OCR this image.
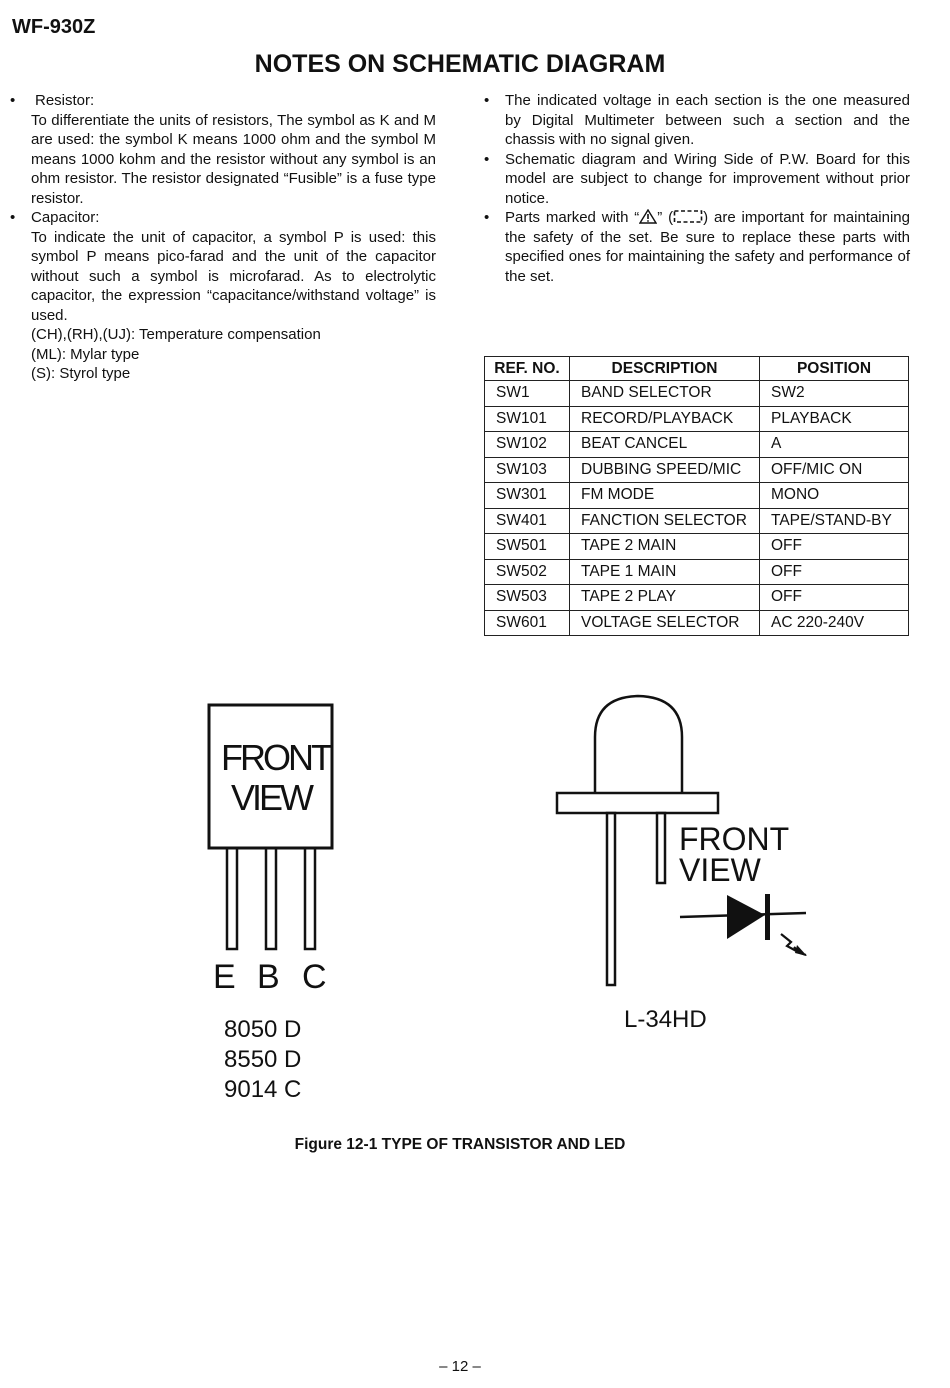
WF-930Z
NOTES ON SCHEMATIC DIAGRAM
• Resistor:
To differentiate the units of resistors, The symbol as K and M are used: the symbol K means 1000 ohm and the symbol M means 1000 kohm and the resistor without any symbol is an ohm resistor. The resistor designated “Fusible” is a fuse type resistor.
• Capacitor:
To indicate the unit of capacitor, a symbol P is used: this symbol P means pico-farad and the unit of the capacitor without such a symbol is microfarad. As to electrolytic capacitor, the expression “capacitance/withstand voltage” is used.
(CH),(RH),(UJ): Temperature compensation
(ML): Mylar type
(S): Styrol type
• The indicated voltage in each section is the one measured by Digital Multimeter between such a section and the chassis with no signal given.
• Schematic diagram and Wiring Side of P.W. Board for this model are subject to change for improvement without prior notice.
• Parts marked with “ ” ( ) are important for maintaining the safety of the set. Be sure to replace these parts with specified ones for maintaining the safety and performance of the set.
REF. NO.	DESCRIPTION	POSITION
SW1	BAND SELECTOR	SW2
SW101	RECORD/PLAYBACK	PLAYBACK
SW102	BEAT CANCEL	A
SW103	DUBBING SPEED/MIC	OFF/MIC ON
SW301	FM MODE	MONO
SW401	FANCTION SELECTOR	TAPE/STAND-BY
SW501	TAPE 2 MAIN	OFF
SW502	TAPE 1 MAIN	OFF
SW503	TAPE 2 PLAY	OFF
SW601	VOLTAGE SELECTOR	AC 220-240V
FRONT
VIEW
E B C
8050 D
8550 D
9014 C
FRONT
VIEW
L-34HD
Figure 12-1 TYPE OF TRANSISTOR AND LED
– 12 –
